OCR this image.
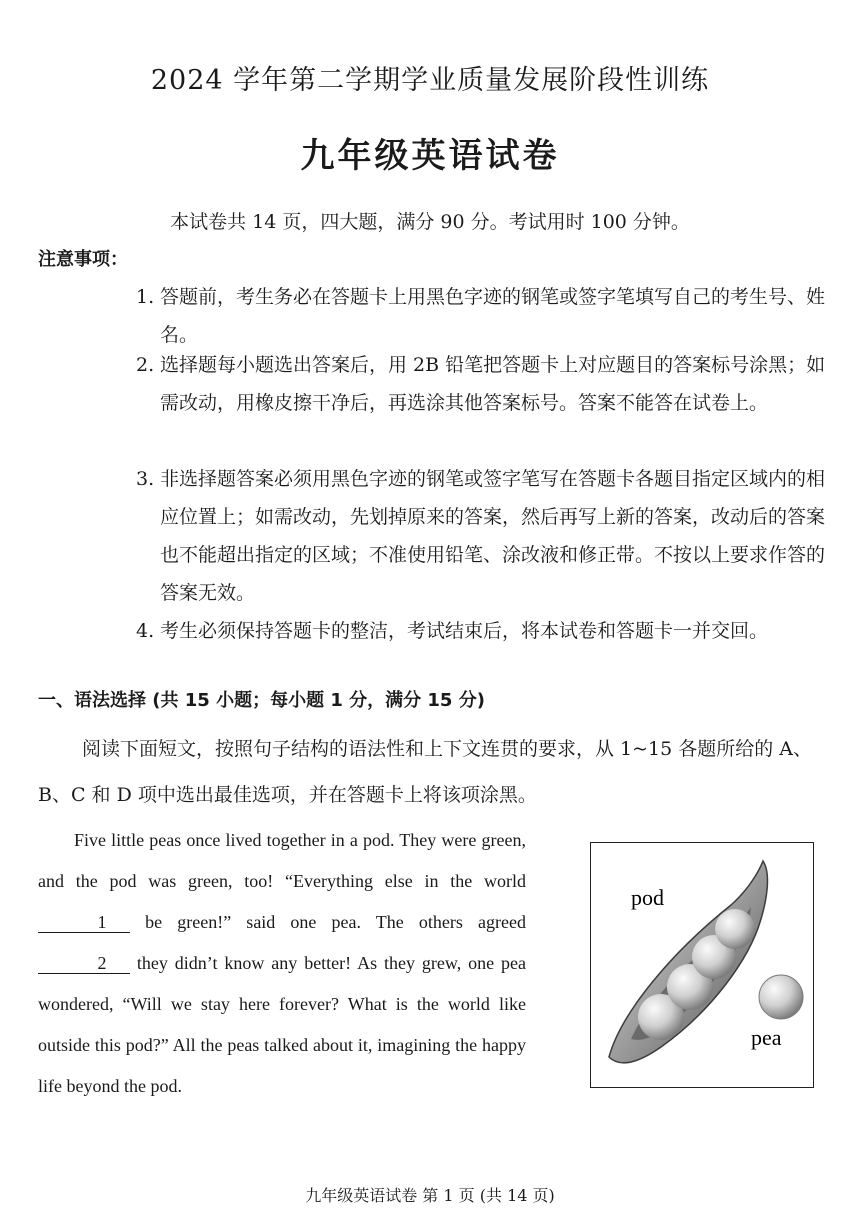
2024 学年第二学期学业质量发展阶段性训练
九年级英语试卷
本试卷共 14 页，四大题，满分 90 分。考试用时 100 分钟。
注意事项：
1. 答题前，考生务必在答题卡上用黑色字迹的钢笔或签字笔填写自己的考生号、姓名。
2. 选择题每小题选出答案后，用 2B 铅笔把答题卡上对应题目的答案标号涂黑；如需改动，用橡皮擦干净后，再选涂其他答案标号。答案不能答在试卷上。
3. 非选择题答案必须用黑色字迹的钢笔或签字笔写在答题卡各题目指定区域内的相应位置上；如需改动，先划掉原来的答案，然后再写上新的答案，改动后的答案也不能超出指定的区域；不准使用铅笔、涂改液和修正带。不按以上要求作答的答案无效。
4. 考生必须保持答题卡的整洁，考试结束后，将本试卷和答题卡一并交回。
一、语法选择 (共 15 小题；每小题 1 分，满分 15 分)
阅读下面短文，按照句子结构的语法性和上下文连贯的要求，从 1~15 各题所给的 A、B、C 和 D 项中选出最佳选项，并在答题卡上将该项涂黑。

Five little peas once lived together in a pod. They were green, and the pod was green, too! “Everything else in the world 1 be green!” said one pea. The others agreed 2 they didn’t know any better! As they grew, one pea wondered, “Will we stay here forever? What is the world like outside this pod?” All the peas talked about it, imagining the happy life beyond the pod.

pod
pea
九年级英语试卷 第 1 页 (共 14 页)
